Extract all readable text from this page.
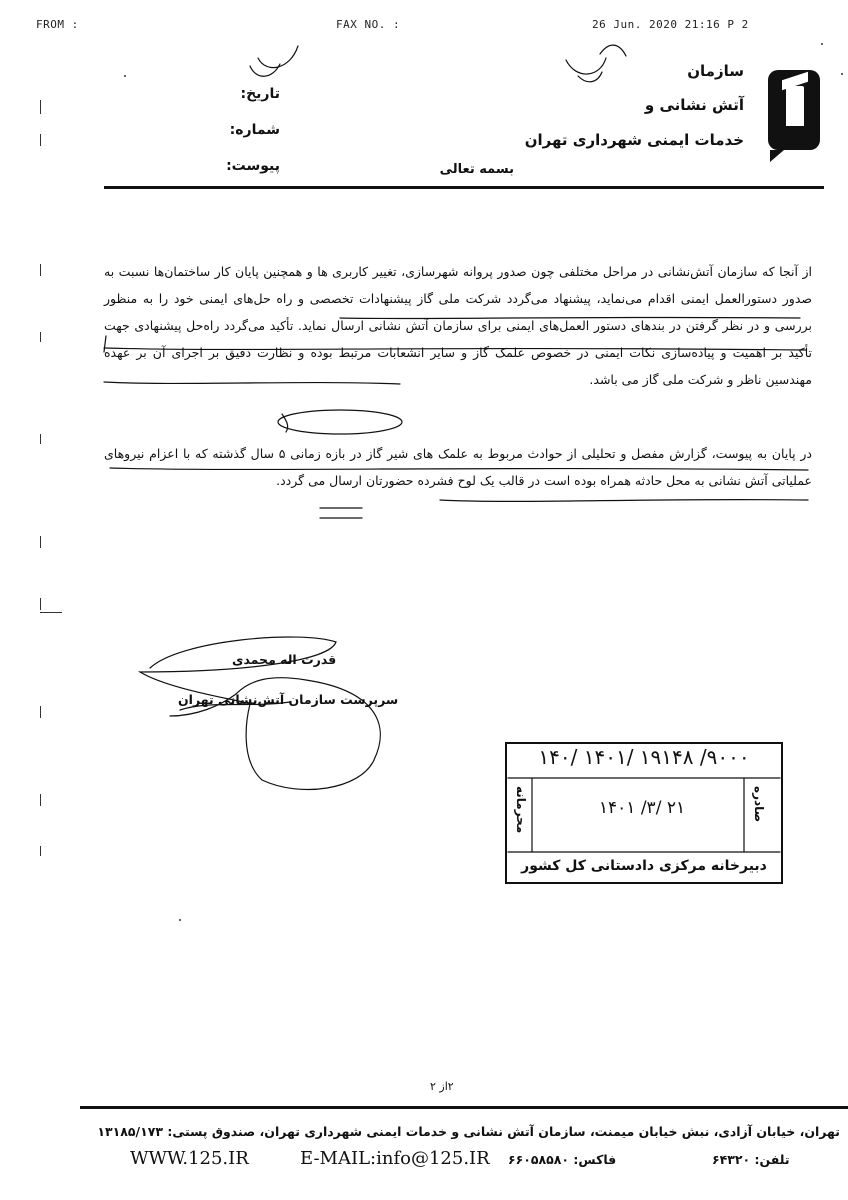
FROM :	FAX NO. :	26 Jun. 2020 21:16 P 2
سازمان
آتش نشانی و
خدمات ایمنی شهرداری تهران
تاریخ:
شماره:
پیوست:	بسمه تعالی
از آنجا که سازمان آتش‌نشانی در مراحل مختلفی چون صدور پروانه شهرسازی، تغییر کاربری ها و همچنین پایان کار ساختمان‌ها نسبت به صدور دستورالعمل ایمنی اقدام می‌نماید، پیشنهاد می‌گردد شرکت ملی گاز پیشنهادات تخصصی و راه حل‌های ایمنی خود را به منظور بررسی و در نظر گرفتن در بندهای دستور العمل‌های ایمنی برای سازمان آتش نشانی ارسال نماید. تأکید می‌گردد راه‌حل پیشنهادی جهت تأکید بر اهمیت و پیاده‌سازی نکات ایمنی در خصوص علمک گاز و سایر انشعابات مرتبط بوده و نظارت دقیق بر اجرای آن بر عهده مهندسین ناظر و شرکت ملی گاز می باشد.
در پایان به پیوست، گزارش مفصل و تحلیلی از حوادث مربوط به علمک های شیر گاز در بازه زمانی ۵ سال گذشته که با اعزام نیروهای عملیاتی آتش نشانی به محل حادثه همراه بوده است در قالب یک لوح فشرده حضورتان ارسال می گردد.
قدرت اله محمدی
سرپرست سازمان آتش‌نشانی تهران
۱۴۰/ ۱۴۰۱/ ۱۹۱۴۸ /۹۰۰۰
۱۴۰۱ /۳/ ۲۱	صادره
محرمانه
دبیرخانه مرکزی دادستانی کل کشور
۲از ۲
تهران، خیابان آزادی، نبش خیابان میمنت، سازمان آتش نشانی و خدمات ایمنی شهرداری تهران، صندوق پستی: ۱۳۱۸۵/۱۷۳
WWW.125.IR	E-MAIL:info@125.IR فاکس: ۶۶۰۵۸۵۸۰	تلفن: ۶۴۳۲۰
